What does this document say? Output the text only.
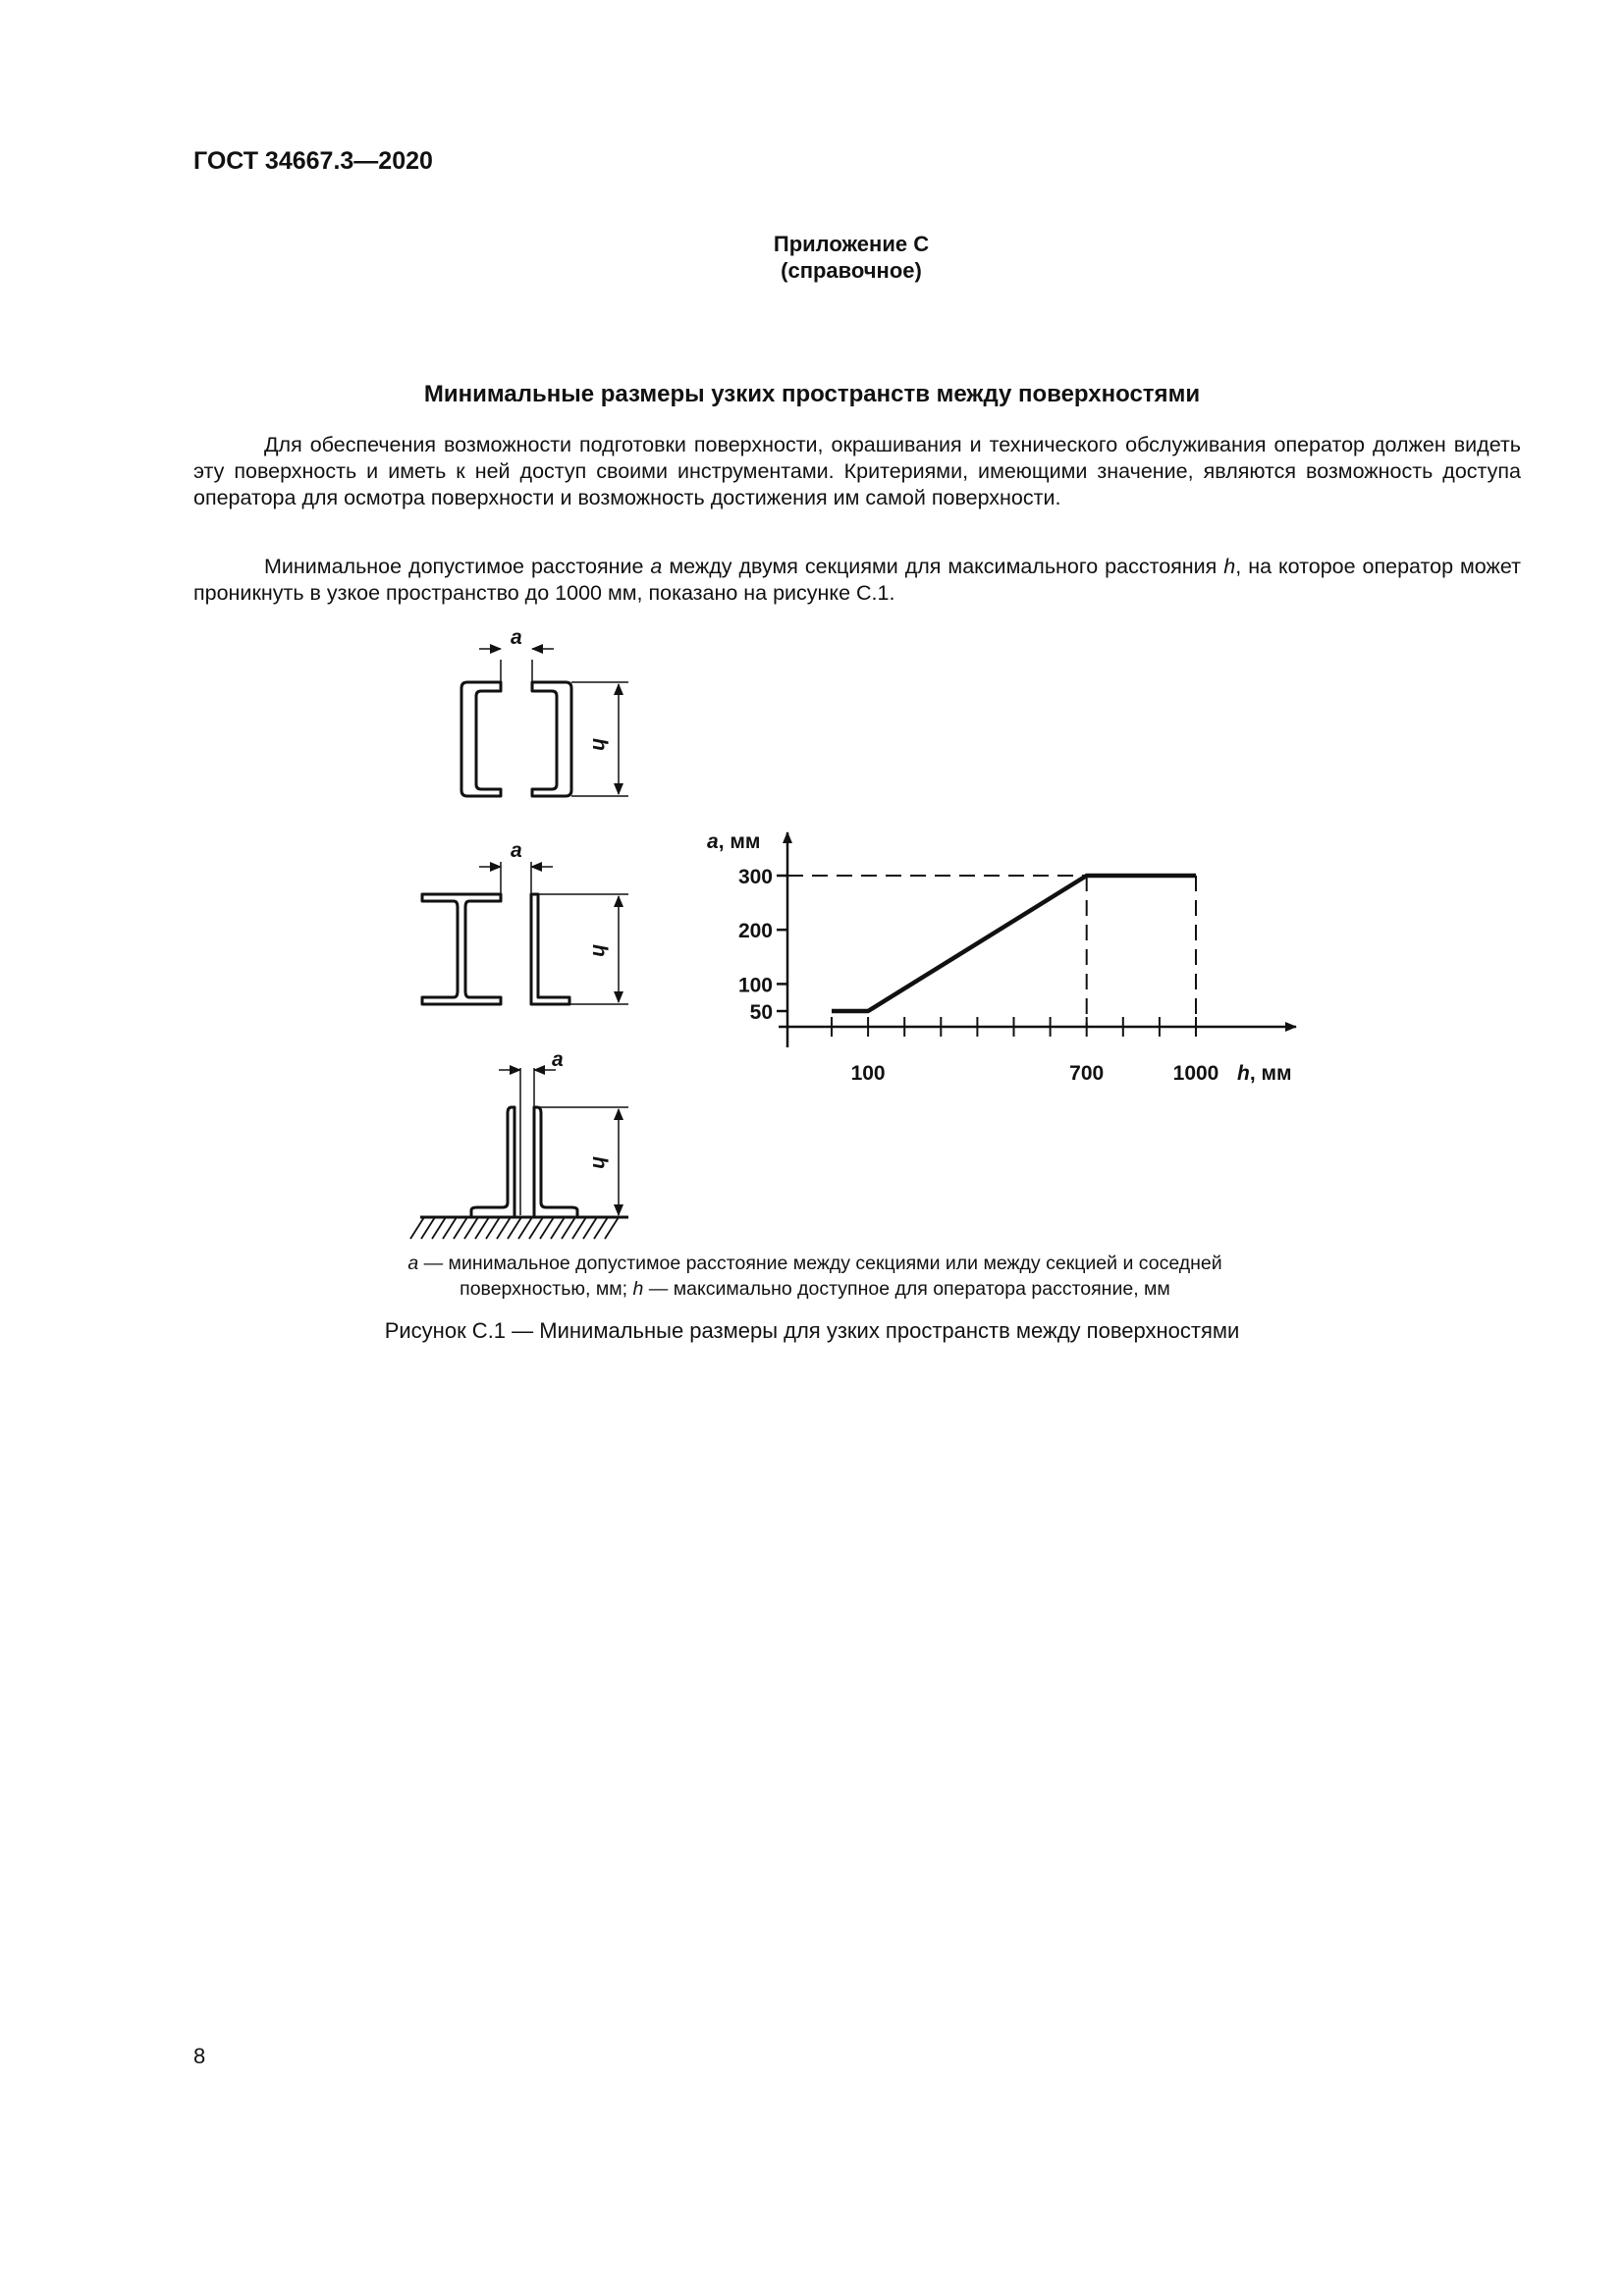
ГОСТ 34667.3—2020
Приложение С
(справочное)
Минимальные размеры узких пространств между поверхностями

Для обеспечения возможности подготовки поверхности, окрашивания и технического обслуживания оператор должен видеть эту поверхность и иметь к ней доступ своими инструментами. Критериями, имеющими значение, являются возможность доступа оператора для осмотра поверхности и возможность достижения им самой поверхности.

Минимальное допустимое расстояние a между двумя секциями для максимального расстояния h, на которое оператор может проникнуть в узкое пространство до 1000 мм, показано на рисунке С.1.

a
h
a
h
a
h
100	700	1000
50
100
200
300
a, мм
h, мм
a — минимальное допустимое расстояние между секциями или между секцией и соседней
поверхностью, мм; h — максимально доступное для оператора расстояние, мм
Рисунок С.1 — Минимальные размеры для узких пространств между поверхностями
8
